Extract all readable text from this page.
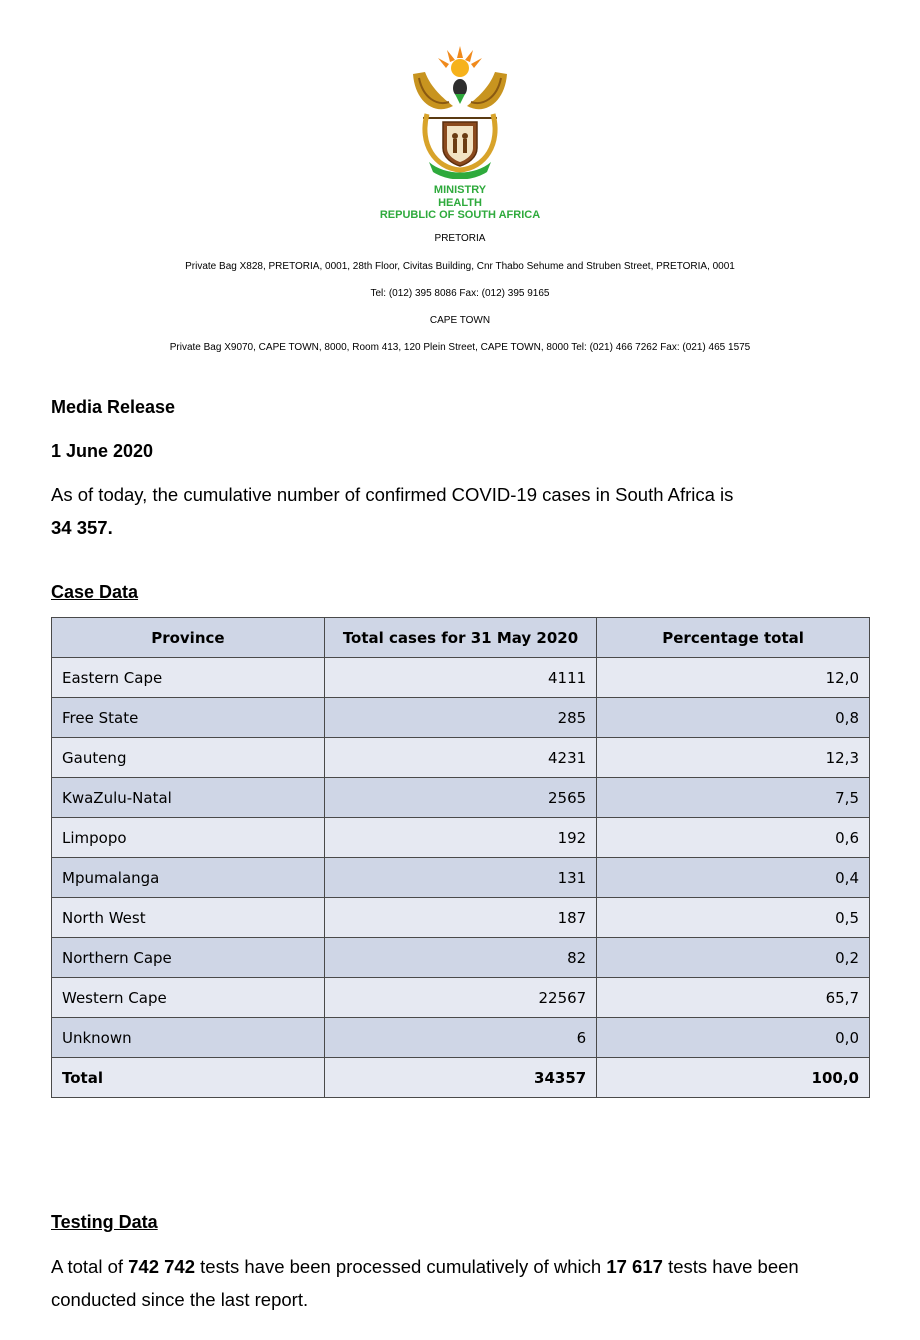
MINISTRY
HEALTH
REPUBLIC OF SOUTH AFRICA
PRETORIA
Private Bag X828, PRETORIA, 0001, 28th Floor, Civitas Building, Cnr Thabo Sehume and Struben Street, PRETORIA, 0001
Tel: (012) 395 8086 Fax: (012) 395 9165
CAPE TOWN
Private Bag X9070, CAPE TOWN, 8000, Room 413, 120 Plein Street, CAPE TOWN, 8000 Tel: (021) 466 7262 Fax: (021) 465 1575
Media Release
1 June 2020
As of today, the cumulative number of confirmed COVID-19 cases in South Africa is
34 357.
Case Data
Province	Total cases for 31 May 2020	Percentage total
Eastern Cape	4111	12,0
Free State	285	0,8
Gauteng	4231	12,3
KwaZulu-Natal	2565	7,5
Limpopo	192	0,6
Mpumalanga	131	0,4
North West	187	0,5
Northern Cape	82	0,2
Western Cape	22567	65,7
Unknown	6	0,0
Total	34357	100,0
Testing Data
A total of 742 742 tests have been processed cumulatively of which 17 617 tests have been conducted since the last report.
